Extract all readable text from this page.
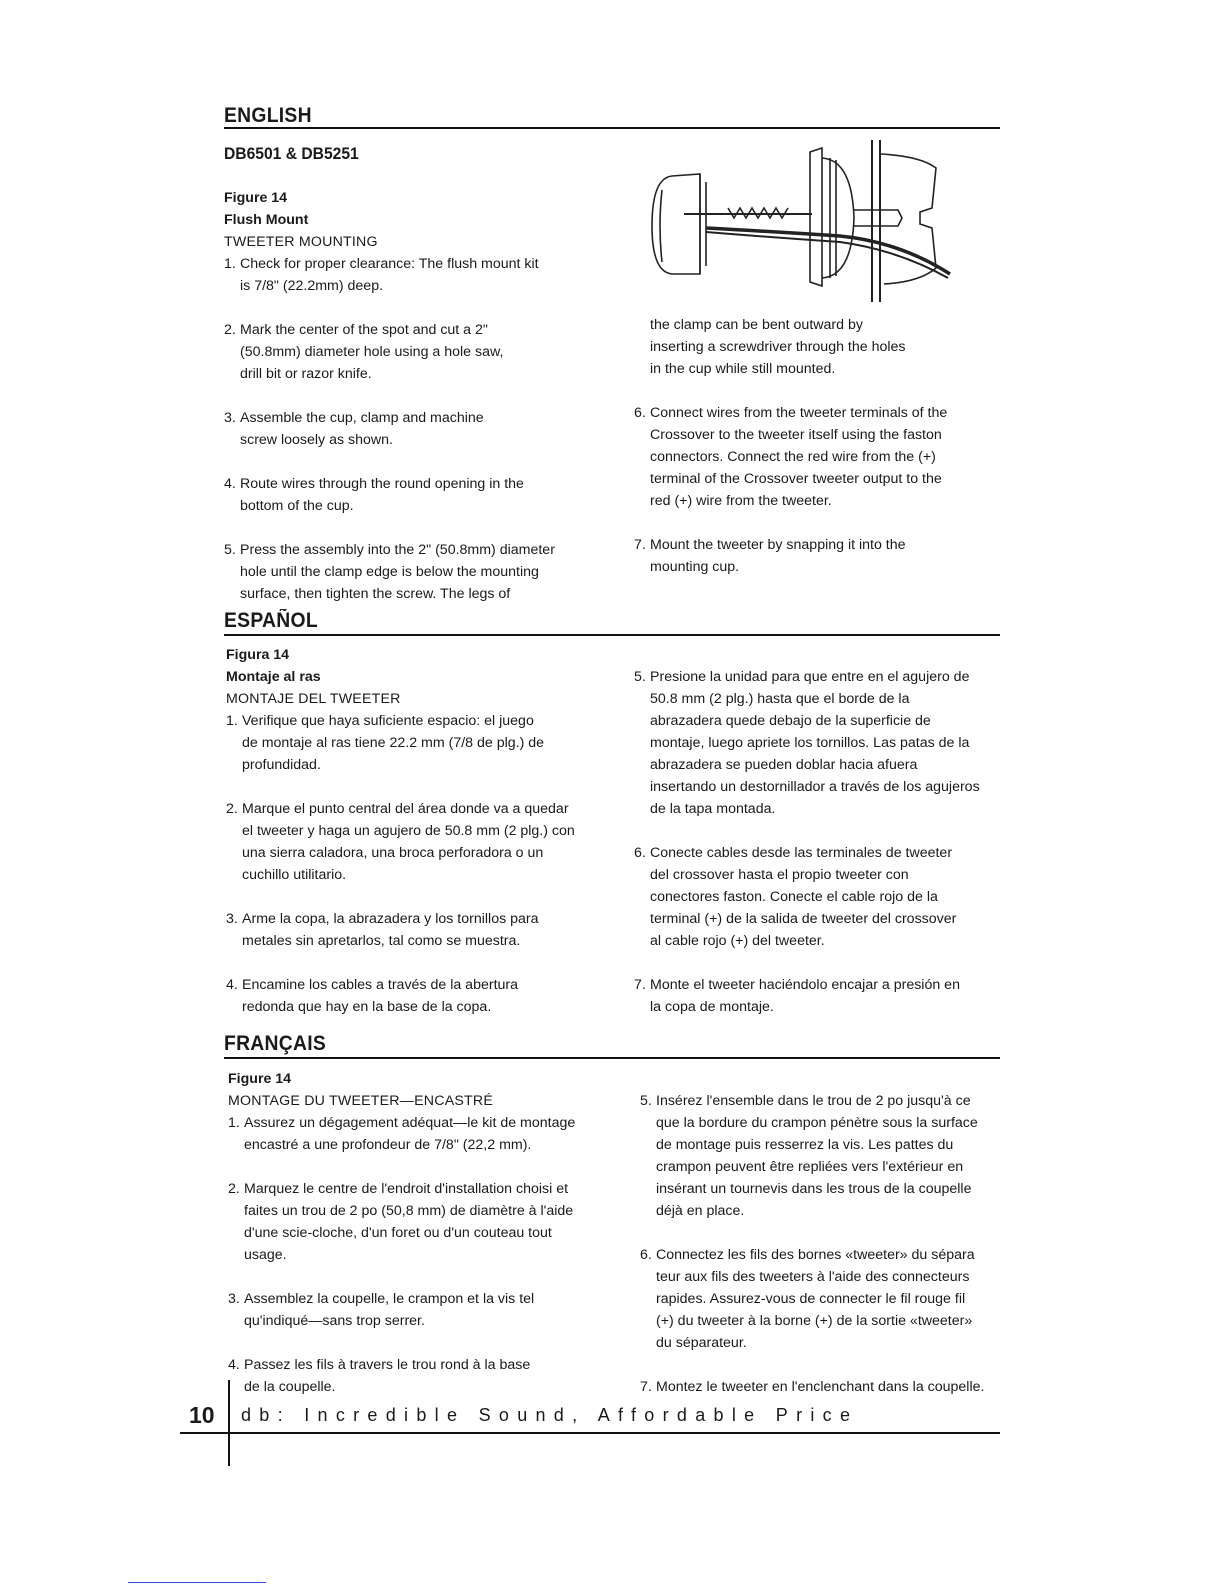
ENGLISH
DB6501 & DB5251
Figure 14
Flush Mount
TWEETER MOUNTING

1. Check for proper clearance: The flush mount kit is 7/8" (22.2mm) deep.

2. Mark the center of the spot and cut a 2" (50.8mm) diameter hole using a hole saw, drill bit or razor knife.

3. Assemble the cup, clamp and machine screw loosely as shown.

4. Route wires through the round opening in the bottom of the cup.

5. Press the assembly into the 2" (50.8mm) diameter hole until the clamp edge is below the mounting surface, then tighten the screw. The legs of

the clamp can be bent outward by inserting a screwdriver through the holes in the cup while still mounted.

6. Connect wires from the tweeter terminals of the Crossover to the tweeter itself using the faston connectors. Connect the red wire from the (+) terminal of the Crossover tweeter output to the red (+) wire from the tweeter.

7. Mount the tweeter by snapping it into the mounting cup.

ESPAÑOL
Figura 14
Montaje al ras
MONTAJE DEL TWEETER

1. Verifique que haya suficiente espacio: el juego de montaje al ras tiene 22.2 mm (7/8 de plg.) de profundidad.

2. Marque el punto central del área donde va a quedar el tweeter y haga un agujero de 50.8 mm (2 plg.) con una sierra caladora, una broca perforadora o un cuchillo utilitario.

3. Arme la copa, la abrazadera y los tornillos para metales sin apretarlos, tal como se muestra.

4. Encamine los cables a través de la abertura redonda que hay en la base de la copa.

5. Presione la unidad para que entre en el agujero de 50.8 mm (2 plg.) hasta que el borde de la abrazadera quede debajo de la superficie de montaje, luego apriete los tornillos. Las patas de la abrazadera se pueden doblar hacia afuera insertando un destornillador a través de los agujeros de la tapa montada.

6. Conecte cables desde las terminales de tweeter del crossover hasta el propio tweeter con conectores faston. Conecte el cable rojo de la terminal (+) de la salida de tweeter del crossover al cable rojo (+) del tweeter.

7. Monte el tweeter haciéndolo encajar a presión en la copa de montaje.

FRANÇAIS
Figure 14
MONTAGE DU TWEETER—ENCASTRÉ

1. Assurez un dégagement adéquat—le kit de montage encastré a une profondeur de 7/8" (22,2 mm).

2. Marquez le centre de l'endroit d'installation choisi et faites un trou de 2 po (50,8 mm) de diamètre à l'aide d'une scie-cloche, d'un foret ou d'un couteau tout usage.

3. Assemblez la coupelle, le crampon et la vis tel qu'indiqué—sans trop serrer.

4. Passez les fils à travers le trou rond à la base de la coupelle.

5. Insérez l'ensemble dans le trou de 2 po jusqu'à ce que la bordure du crampon pénètre sous la surface de montage puis resserrez la vis. Les pattes du crampon peuvent être repliées vers l'extérieur en insérant un tournevis dans les trous de la coupelle déjà en place.

6. Connectez les fils des bornes «tweeter» du sépara teur aux fils des tweeters à l'aide des connecteurs rapides. Assurez-vous de connecter le fil rouge fil (+) du tweeter à la borne (+) de la sortie «tweeter» du séparateur.

7. Montez le tweeter en l'enclenchant dans la coupelle.

10 db: Incredible Sound, Affordable Price
